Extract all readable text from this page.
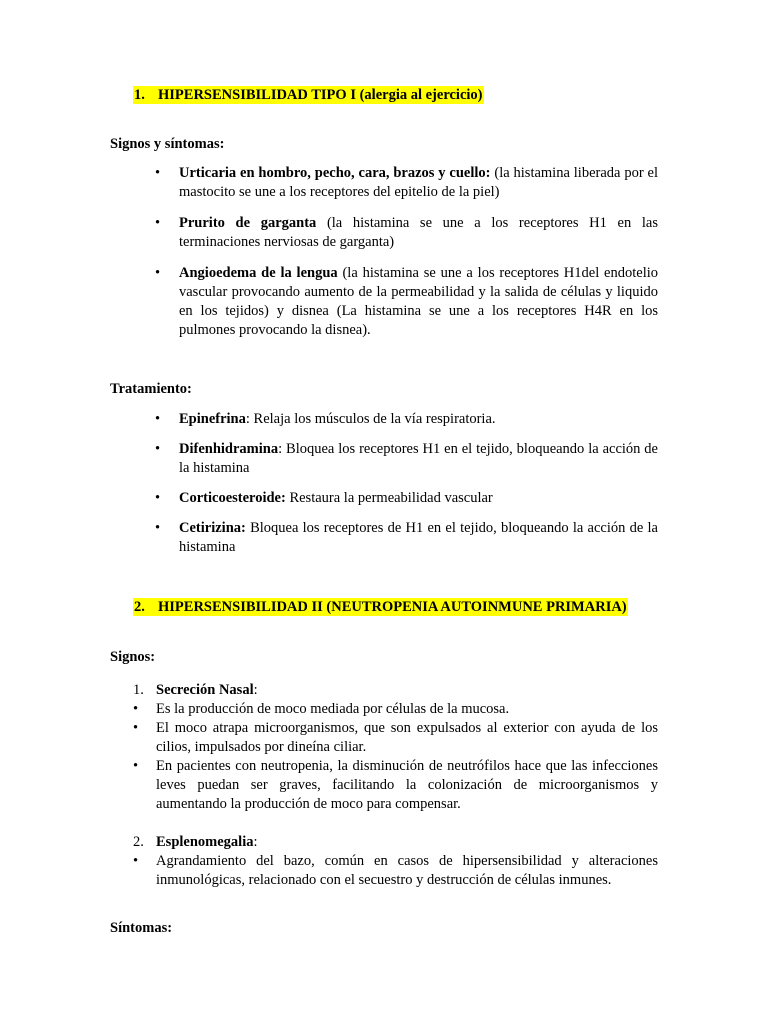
1. HIPERSENSIBILIDAD TIPO I (alergia al ejercicio)
Signos y síntomas:
•	Urticaria en hombro, pecho, cara, brazos y cuello: (la histamina liberada por el mastocito se une a los receptores del epitelio de la piel)
•	Prurito de garganta (la histamina se une a los receptores H1 en las terminaciones nerviosas de garganta)
•	Angioedema de la lengua (la histamina se une a los receptores H1del endotelio vascular provocando aumento de la permeabilidad y la salida de células y liquido en los tejidos) y disnea (La histamina se une a los receptores H4R en los pulmones provocando la disnea).
Tratamiento:
•	Epinefrina: Relaja los músculos de la vía respiratoria.
•	Difenhidramina: Bloquea los receptores H1 en el tejido, bloqueando la acción de la histamina
•	Corticoesteroide: Restaura la permeabilidad vascular
•	Cetirizina: Bloquea los receptores de H1 en el tejido, bloqueando la acción de la histamina
2. HIPERSENSIBILIDAD II (NEUTROPENIA AUTOINMUNE PRIMARIA)
Signos:
1. Secreción Nasal:
•	Es la producción de moco mediada por células de la mucosa.
•	El moco atrapa microorganismos, que son expulsados al exterior con ayuda de los cilios, impulsados por dineína ciliar.
•	En pacientes con neutropenia, la disminución de neutrófilos hace que las infecciones leves puedan ser graves, facilitando la colonización de microorganismos y aumentando la producción de moco para compensar.
2. Esplenomegalia:
•	Agrandamiento del bazo, común en casos de hipersensibilidad y alteraciones inmunológicas, relacionado con el secuestro y destrucción de células inmunes.
Síntomas:
